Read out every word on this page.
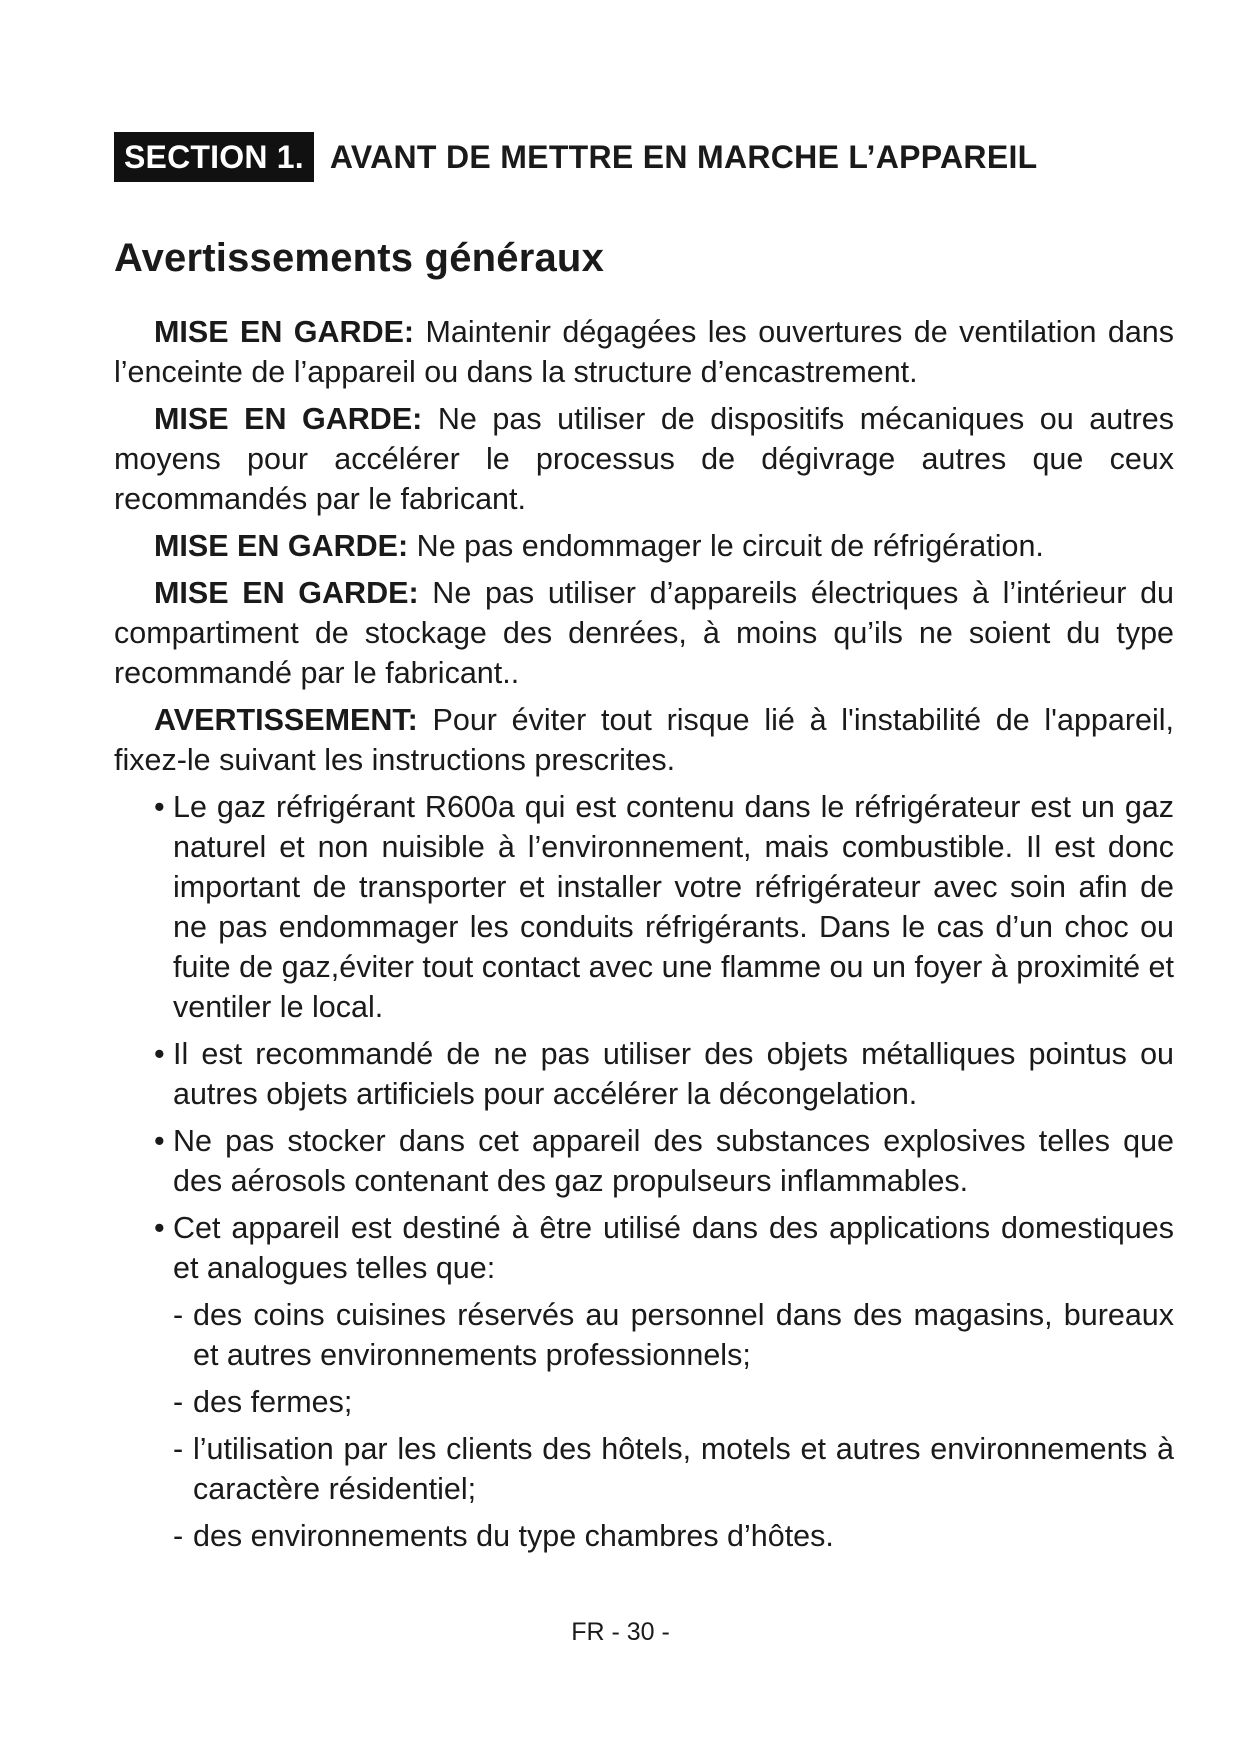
SECTION 1. AVANT DE METTRE EN MARCHE L’APPAREIL
Avertissements généraux

MISE EN GARDE: Maintenir dégagées les ouvertures de ventilation dans l’enceinte de l’appareil ou dans la structure d’encastrement.

MISE EN GARDE: Ne pas utiliser de dispositifs mécaniques ou autres moyens pour accélérer le processus de dégivrage autres que ceux recommandés par le fabricant.

MISE EN GARDE: Ne pas endommager le circuit de réfrigération.

MISE EN GARDE: Ne pas utiliser d’appareils électriques à l’intérieur du compartiment de stockage des denrées, à moins qu’ils ne soient du type recommandé par le fabricant..

AVERTISSEMENT: Pour éviter tout risque lié à l'instabilité de l'appareil, fixez-le suivant les instructions prescrites.

• Le gaz réfrigérant R600a qui est contenu dans le réfrigérateur est un gaz naturel et non nuisible à l’environnement, mais combustible. Il est donc important de transporter et installer votre réfrigérateur avec soin afin de ne pas endommager les conduits réfrigérants. Dans le cas d’un choc ou fuite de gaz,éviter tout contact avec une flamme ou un foyer à proximité et ventiler le local.
• Il est recommandé de ne pas utiliser des objets métalliques pointus ou autres objets artificiels pour accélérer la décongelation.
• Ne pas stocker dans cet appareil des substances explosives telles que des aérosols contenant des gaz propulseurs inflammables.
• Cet appareil est destiné à être utilisé dans des applications domestiques et analogues telles que:
- des coins cuisines réservés au personnel dans des magasins, bureaux et autres environnements professionnels;
- des fermes;
- l’utilisation par les clients des hôtels, motels et autres environnements à caractère résidentiel;
- des environnements du type chambres d’hôtes.
FR - 30 -
